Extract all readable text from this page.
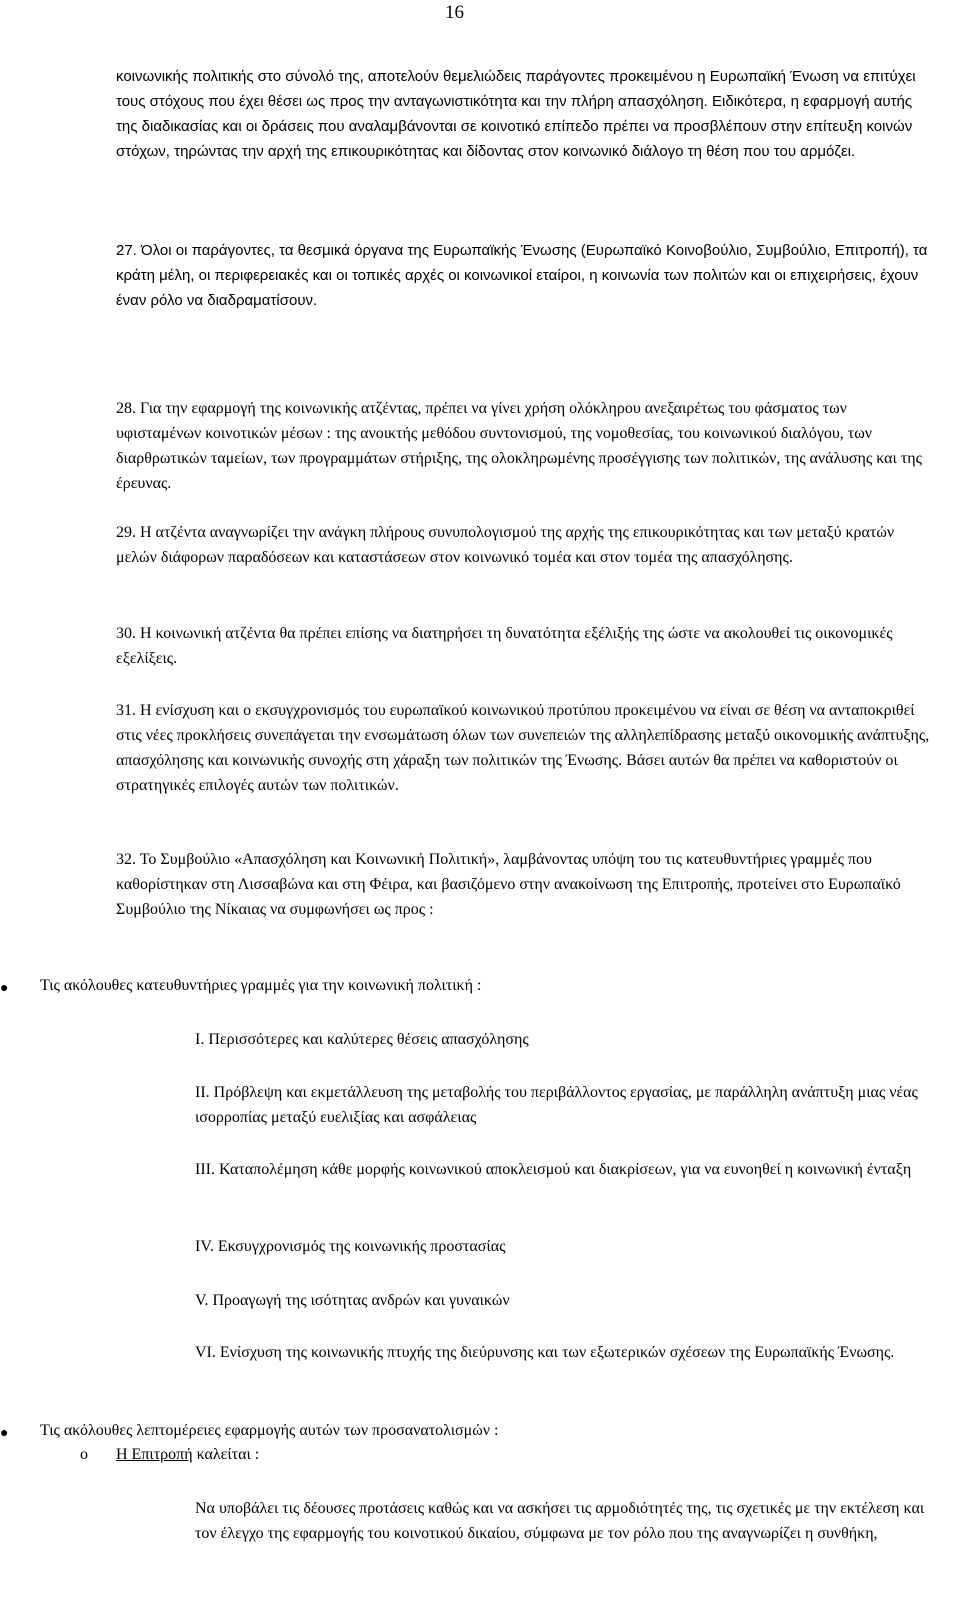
16

κοινωνικής πολιτικής στο σύνολό της, αποτελούν θεμελιώδεις παράγοντες προκειμένου η Ευρωπαϊκή Ένωση να επιτύχει τους στόχους που έχει θέσει ως προς την ανταγωνιστικότητα και την πλήρη απασχόληση. Ειδικότερα, η εφαρμογή αυτής της διαδικασίας και οι δράσεις που αναλαμβάνονται σε κοινοτικό επίπεδο πρέπει να προσβλέπουν στην επίτευξη κοινών στόχων, τηρώντας την αρχή της επικουρικότητας και δίδοντας στον κοινωνικό διάλογο τη θέση που του αρμόζει.

27. Όλοι οι παράγοντες, τα θεσμικά όργανα της Ευρωπαϊκής Ένωσης (Ευρωπαϊκό Κοινοβούλιο, Συμβούλιο, Επιτροπή), τα κράτη μέλη, οι περιφερειακές και οι τοπικές αρχές οι κοινωνικοί εταίροι, η κοινωνία των πολιτών και οι επιχειρήσεις, έχουν έναν ρόλο να διαδραματίσουν.

28. Για την εφαρμογή της κοινωνικής ατζέντας, πρέπει να γίνει χρήση ολόκληρου ανεξαιρέτως του φάσματος των υφισταμένων κοινοτικών μέσων : της ανοικτής μεθόδου συντονισμού, της νομοθεσίας, του κοινωνικού διαλόγου, των διαρθρωτικών ταμείων, των προγραμμάτων στήριξης, της ολοκληρωμένης προσέγγισης των πολιτικών, της ανάλυσης και της έρευνας.

29. Η ατζέντα αναγνωρίζει την ανάγκη πλήρους συνυπολογισμού της αρχής της επικουρικότητας και των μεταξύ κρατών μελών διάφορων παραδόσεων και καταστάσεων στον κοινωνικό τομέα και στον τομέα της απασχόλησης.

30. Η κοινωνική ατζέντα θα πρέπει επίσης να διατηρήσει τη δυνατότητα εξέλιξής της ώστε να ακολουθεί τις οικονομικές εξελίξεις.

31. Η ενίσχυση και ο εκσυγχρονισμός του ευρωπαϊκού κοινωνικού προτύπου προκειμένου να είναι σε θέση να ανταποκριθεί στις νέες προκλήσεις συνεπάγεται την ενσωμάτωση όλων των συνεπειών της αλληλεπίδρασης μεταξύ οικονομικής ανάπτυξης, απασχόλησης και κοινωνικής συνοχής στη χάραξη των πολιτικών της Ένωσης. Βάσει αυτών θα πρέπει να καθοριστούν οι στρατηγικές επιλογές αυτών των πολιτικών.

32. Το Συμβούλιο «Απασχόληση και Κοινωνική Πολιτική», λαμβάνοντας υπόψη του τις κατευθυντήριες γραμμές που καθορίστηκαν στη Λισσαβώνα και στη Φέιρα, και βασιζόμενο στην ανακοίνωση της Επιτροπής, προτείνει στο Ευρωπαϊκό Συμβούλιο της Νίκαιας να συμφωνήσει ως προς :

● Τις ακόλουθες κατευθυντήριες γραμμές για την κοινωνική πολιτική :

I. Περισσότερες και καλύτερες θέσεις απασχόλησης

II. Πρόβλεψη και εκμετάλλευση της μεταβολής του περιβάλλοντος εργασίας, με παράλληλη ανάπτυξη μιας νέας ισορροπίας μεταξύ ευελιξίας και ασφάλειας

III. Καταπολέμηση κάθε μορφής κοινωνικού αποκλεισμού και διακρίσεων, για να ευνοηθεί η κοινωνική ένταξη

IV. Εκσυγχρονισμός της κοινωνικής προστασίας

V. Προαγωγή της ισότητας ανδρών και γυναικών

VI. Ενίσχυση της κοινωνικής πτυχής της διεύρυνσης και των εξωτερικών σχέσεων της Ευρωπαϊκής Ένωσης.

● Τις ακόλουθες λεπτομέρειες εφαρμογής αυτών των προσανατολισμών :

o Η Επιτροπή καλείται :

Να υποβάλει τις δέουσες προτάσεις καθώς και να ασκήσει τις αρμοδιότητές της, τις σχετικές με την εκτέλεση και τον έλεγχο της εφαρμογής του κοινοτικού δικαίου, σύμφωνα με τον ρόλο που της αναγνωρίζει η συνθήκη,
